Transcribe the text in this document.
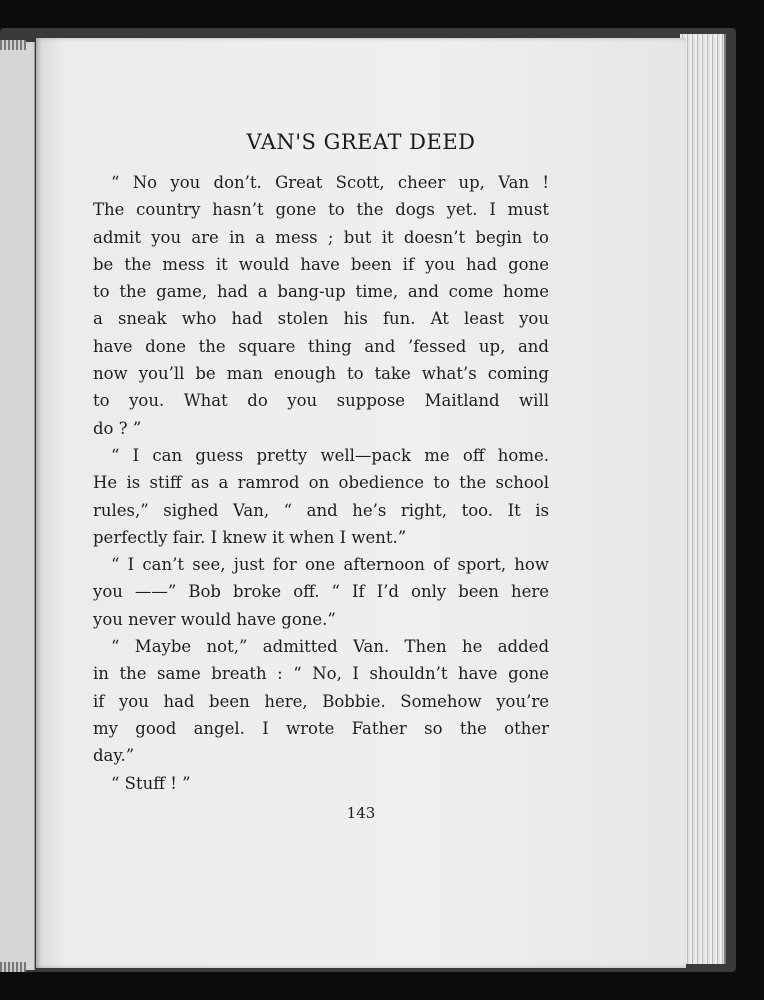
VAN'S GREAT DEED
“ No you don’t. Great Scott, cheer up, Van !
The country hasn’t gone to the dogs yet. I must
admit you are in a mess ; but it doesn’t begin to
be the mess it would have been if you had gone
to the game, had a bang-up time, and come home
a sneak who had stolen his fun. At least you
have done the square thing and ’fessed up, and
now you’ll be man enough to take what’s coming
to you. What do you suppose Maitland will
do ? ”
“ I can guess pretty well—pack me off home.
He is stiff as a ramrod on obedience to the school
rules,” sighed Van, “ and he’s right, too. It is
perfectly fair. I knew it when I went.”
“ I can’t see, just for one afternoon of sport, how
you ——” Bob broke off. “ If I’d only been here
you never would have gone.”
“ Maybe not,” admitted Van. Then he added
in the same breath : “ No, I shouldn’t have gone
if you had been here, Bobbie. Somehow you’re
my good angel. I wrote Father so the other
day.”
“ Stuff ! ”
143
